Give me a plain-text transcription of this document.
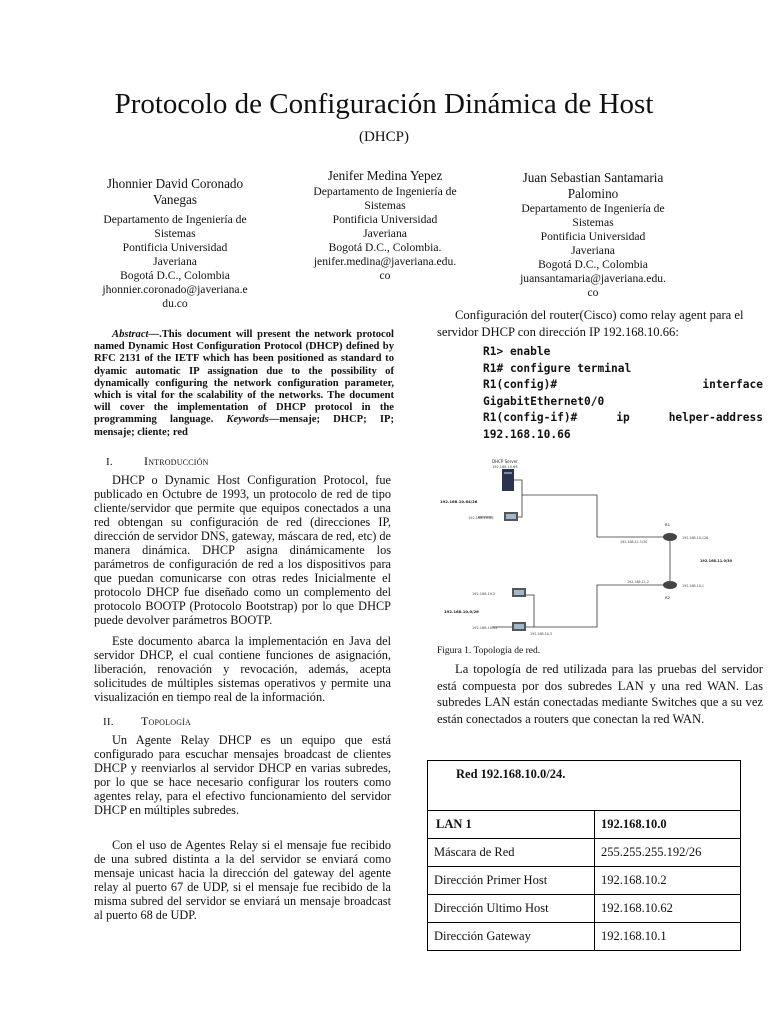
Protocolo de Configuración Dinámica de Host
(DHCP)
Jhonnier David Coronado
Vanegas
Departamento de Ingeniería de
Sistemas
Pontificia Universidad
Javeriana
Bogotá D.C., Colombia
jhonnier.coronado@javeriana.e
du.co
Jenifer Medina Yepez
Departamento de Ingeniería de
Sistemas
Pontificia Universidad
Javeriana
Bogotá D.C., Colombia.
jenifer.medina@javeriana.edu.
co
Juan Sebastian Santamaria
Palomino
Departamento de Ingeniería de
Sistemas
Pontificia Universidad
Javeriana
Bogotá D.C., Colombia
juansantamaria@javeriana.edu.
co
Abstract—.This document will present the network protocol named Dynamic Host Configuration Protocol (DHCP) defined by RFC 2131 of the IETF which has been positioned as standard to dyamic automatic IP assignation due to the possibility of dynamically configuring the network configuration parameter, which is vital for the scalability of the networks. The document will cover the implementation of DHCP protocol in the programming language. Keywords—mensaje; DHCP; IP; mensaje; cliente; red
I.	Introducción
DHCP o Dynamic Host Configuration Protocol, fue publicado en Octubre de 1993, un protocolo de red de tipo cliente/servidor que permite que equipos conectados a una red obtengan su configuración de red (direcciones IP, dirección de servidor DNS, gateway, máscara de red, etc) de manera dinámica. DHCP asigna dinámicamente los parámetros de configuración de red a los dispositivos para que puedan comunicarse con otras redes Inicialmente el protocolo DHCP fue diseñado como un complemento del protocolo BOOTP (Protocolo Bootstrap) por lo que DHCP puede devolver parámetros BOOTP.
Este documento abarca la implementación en Java del servidor DHCP, el cual contiene funciones de asignación, liberación, renovación y revocación, además, acepta solicitudes de múltiples sistemas operativos y permite una visualización en tiempo real de la información.
II. Topología
Un Agente Relay DHCP es un equipo que está configurado para escuchar mensajes broadcast de clientes DHCP y reenviarlos al servidor DHCP en varias subredes, por lo que se hace necesario configurar los routers como agentes relay, para el efectivo funcionamiento del servidor DHCP en múltiples subredes.
Con el uso de Agentes Relay si el mensaje fue recibido de una subred distinta a la del servidor se enviará como mensaje unicast hacia la dirección del gateway del agente relay al puerto 67 de UDP, si el mensaje fue recibido de la misma subred del servidor se enviará un mensaje broadcast al puerto 68 de UDP.
Configuración del router(Cisco) como relay agent para el servidor DHCP con dirección IP 192.168.10.66:
R1> enable
R1# configure terminal
R1(config)#	interface
GigabitEthernet0/0
R1(config-if)#	ip	helper-address
192.168.10.66
DHCP Server
192.168.10.66
192.168.10.64/26
192.168.10.65
R1
192.168.11.1/30
192.168.10.126
192.168.11.0/30
R2
192.168.11.2
192.168.10.1
192.168.10.2
192.168.10.0/26
192.168.10.62
192.168.10.3
Figura 1. Topología de red.
La topología de red utilizada para las pruebas del servidor está compuesta por dos subredes LAN y una red WAN. Las subredes LAN están conectadas mediante Switches que a su vez están conectados a routers que conectan la red WAN.
Red 192.168.10.0/24.	
LAN 1	192.168.10.0
Máscara de Red	255.255.255.192/26
Dirección Primer Host	192.168.10.2
Dirección Ultimo Host	192.168.10.62
Dirección Gateway	192.168.10.1
